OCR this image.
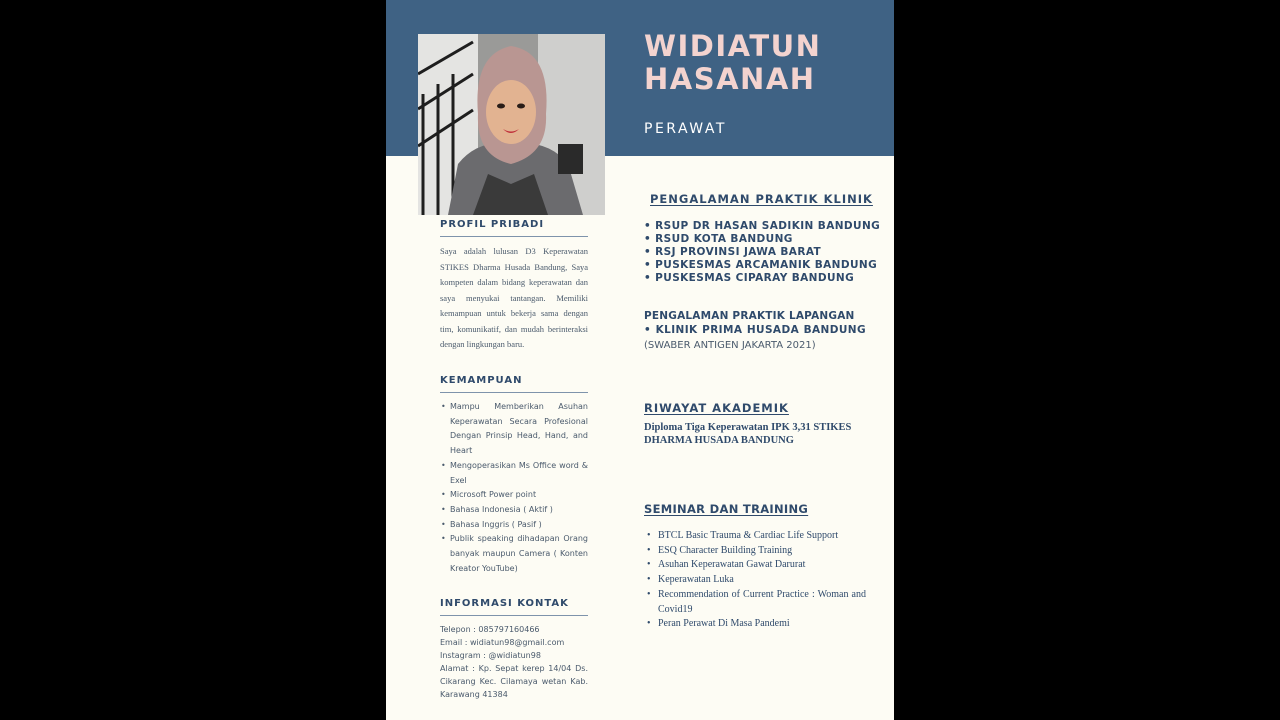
WIDIATUN
HASANAH
PERAWAT
PROFIL PRIBADI

Saya adalah lulusan D3 Keperawatan STIKES Dharma Husada Bandung, Saya kompeten dalam bidang keperawatan dan saya menyukai tantangan. Memiliki kemampuan untuk bekerja sama dengan tim, komunikatif, dan mudah berinteraksi dengan lingkungan baru.

KEMAMPUAN
• Mampu Memberikan Asuhan Keperawatan Secara Profesional Dengan Prinsip Head, Hand, and Heart
• Mengoperasikan Ms Office word & Exel
• Microsoft Power point
• Bahasa Indonesia ( Aktif )
• Bahasa Inggris ( Pasif )
• Publik speaking dihadapan Orang banyak maupun Camera ( Konten Kreator YouTube)
INFORMASI KONTAK
Telepon : 085797160466
Email : widiatun98@gmail.com
Instagram : @widiatun98
Alamat : Kp. Sepat kerep 14/04 Ds. Cikarang Kec. Cilamaya wetan Kab. Karawang 41384
PENGALAMAN PRAKTIK KLINIK
• RSUP DR HASAN SADIKIN BANDUNG
• RSUD KOTA BANDUNG
• RSJ PROVINSI JAWA BARAT
• PUSKESMAS ARCAMANIK BANDUNG
• PUSKESMAS CIPARAY BANDUNG
PENGALAMAN PRAKTIK LAPANGAN
• KLINIK PRIMA HUSADA BANDUNG
(SWABER ANTIGEN JAKARTA 2021)
RIWAYAT AKADEMIK

Diploma Tiga Keperawatan IPK 3,31 STIKES DHARMA HUSADA BANDUNG

SEMINAR DAN TRAINING
• BTCL Basic Trauma & Cardiac Life Support
• ESQ Character Building Training
• Asuhan Keperawatan Gawat Darurat
• Keperawatan Luka
• Recommendation of Current Practice : Woman and Covid19
• Peran Perawat Di Masa Pandemi
